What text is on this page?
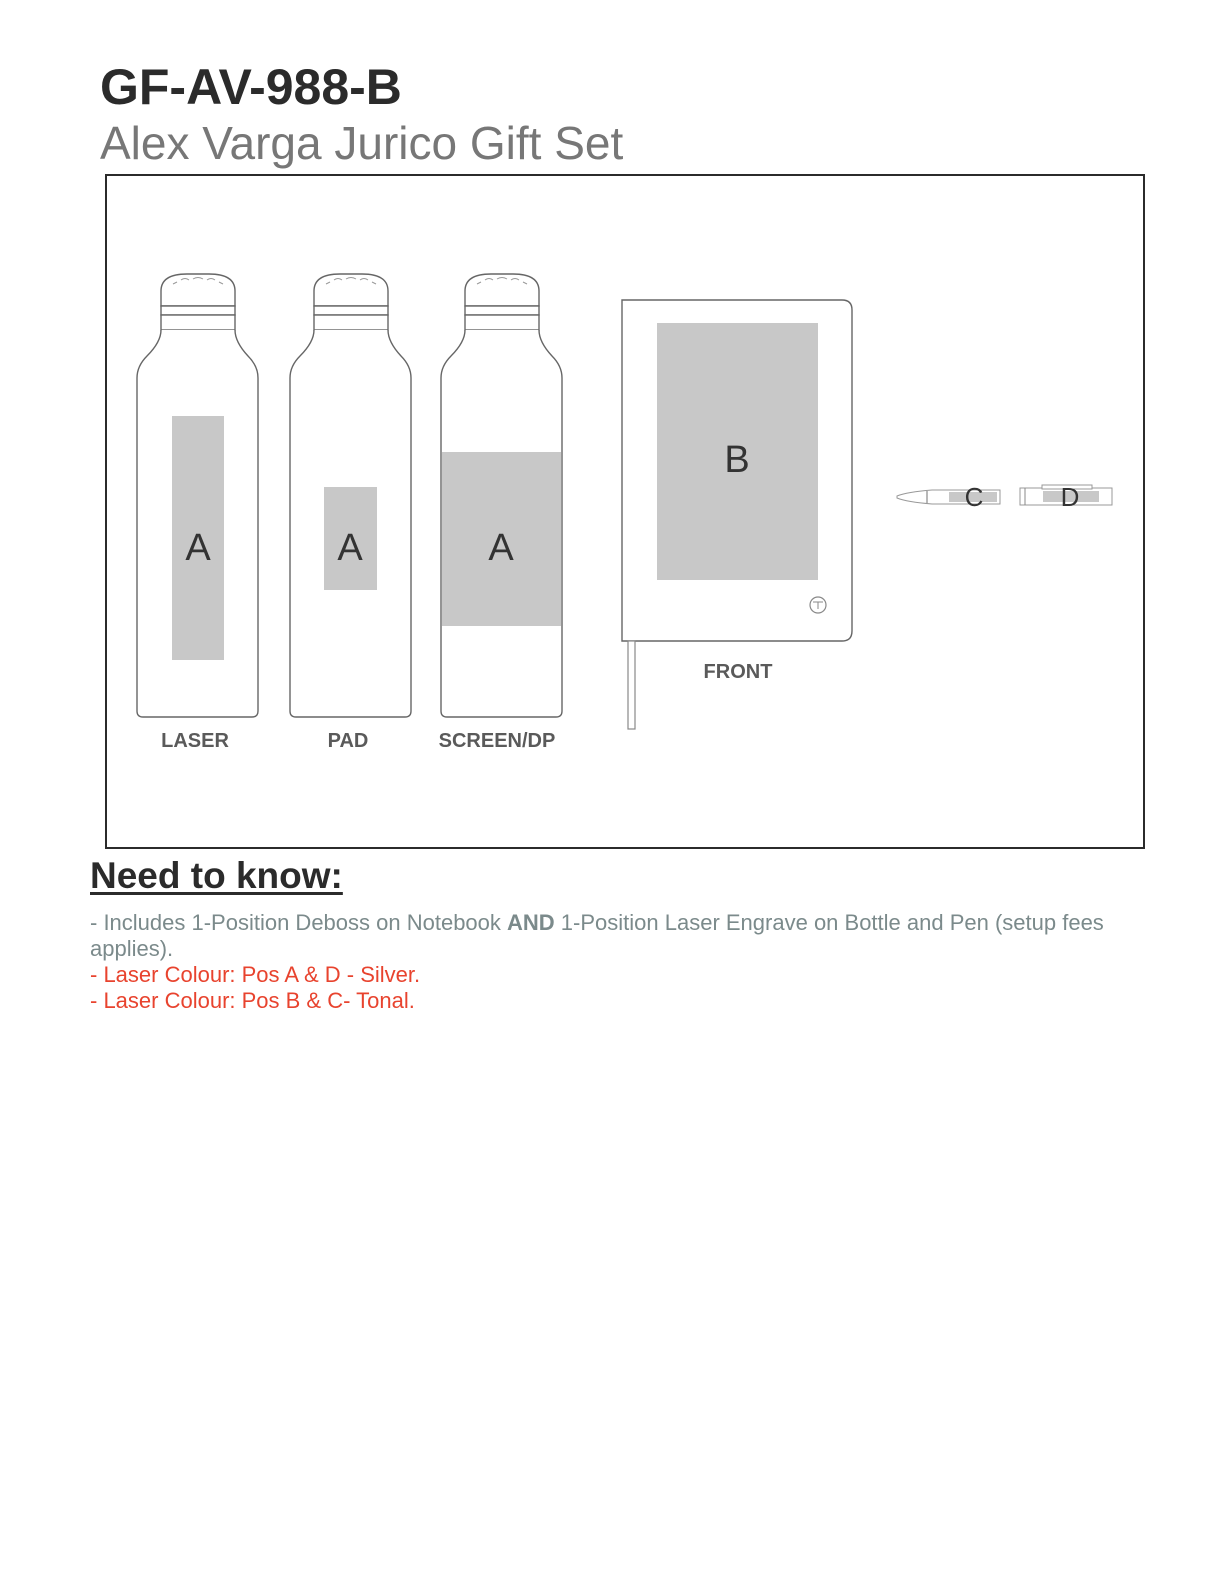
GF-AV-988-B
Alex Varga Jurico Gift Set
A	A	A
B
C	D
LASER	PAD	SCREEN/DP
FRONT
Need to know:
- Includes 1-Position Deboss on Notebook AND 1-Position Laser Engrave on Bottle and Pen (setup fees applies).
- Laser Colour: Pos A & D - Silver.
- Laser Colour: Pos B & C- Tonal.
